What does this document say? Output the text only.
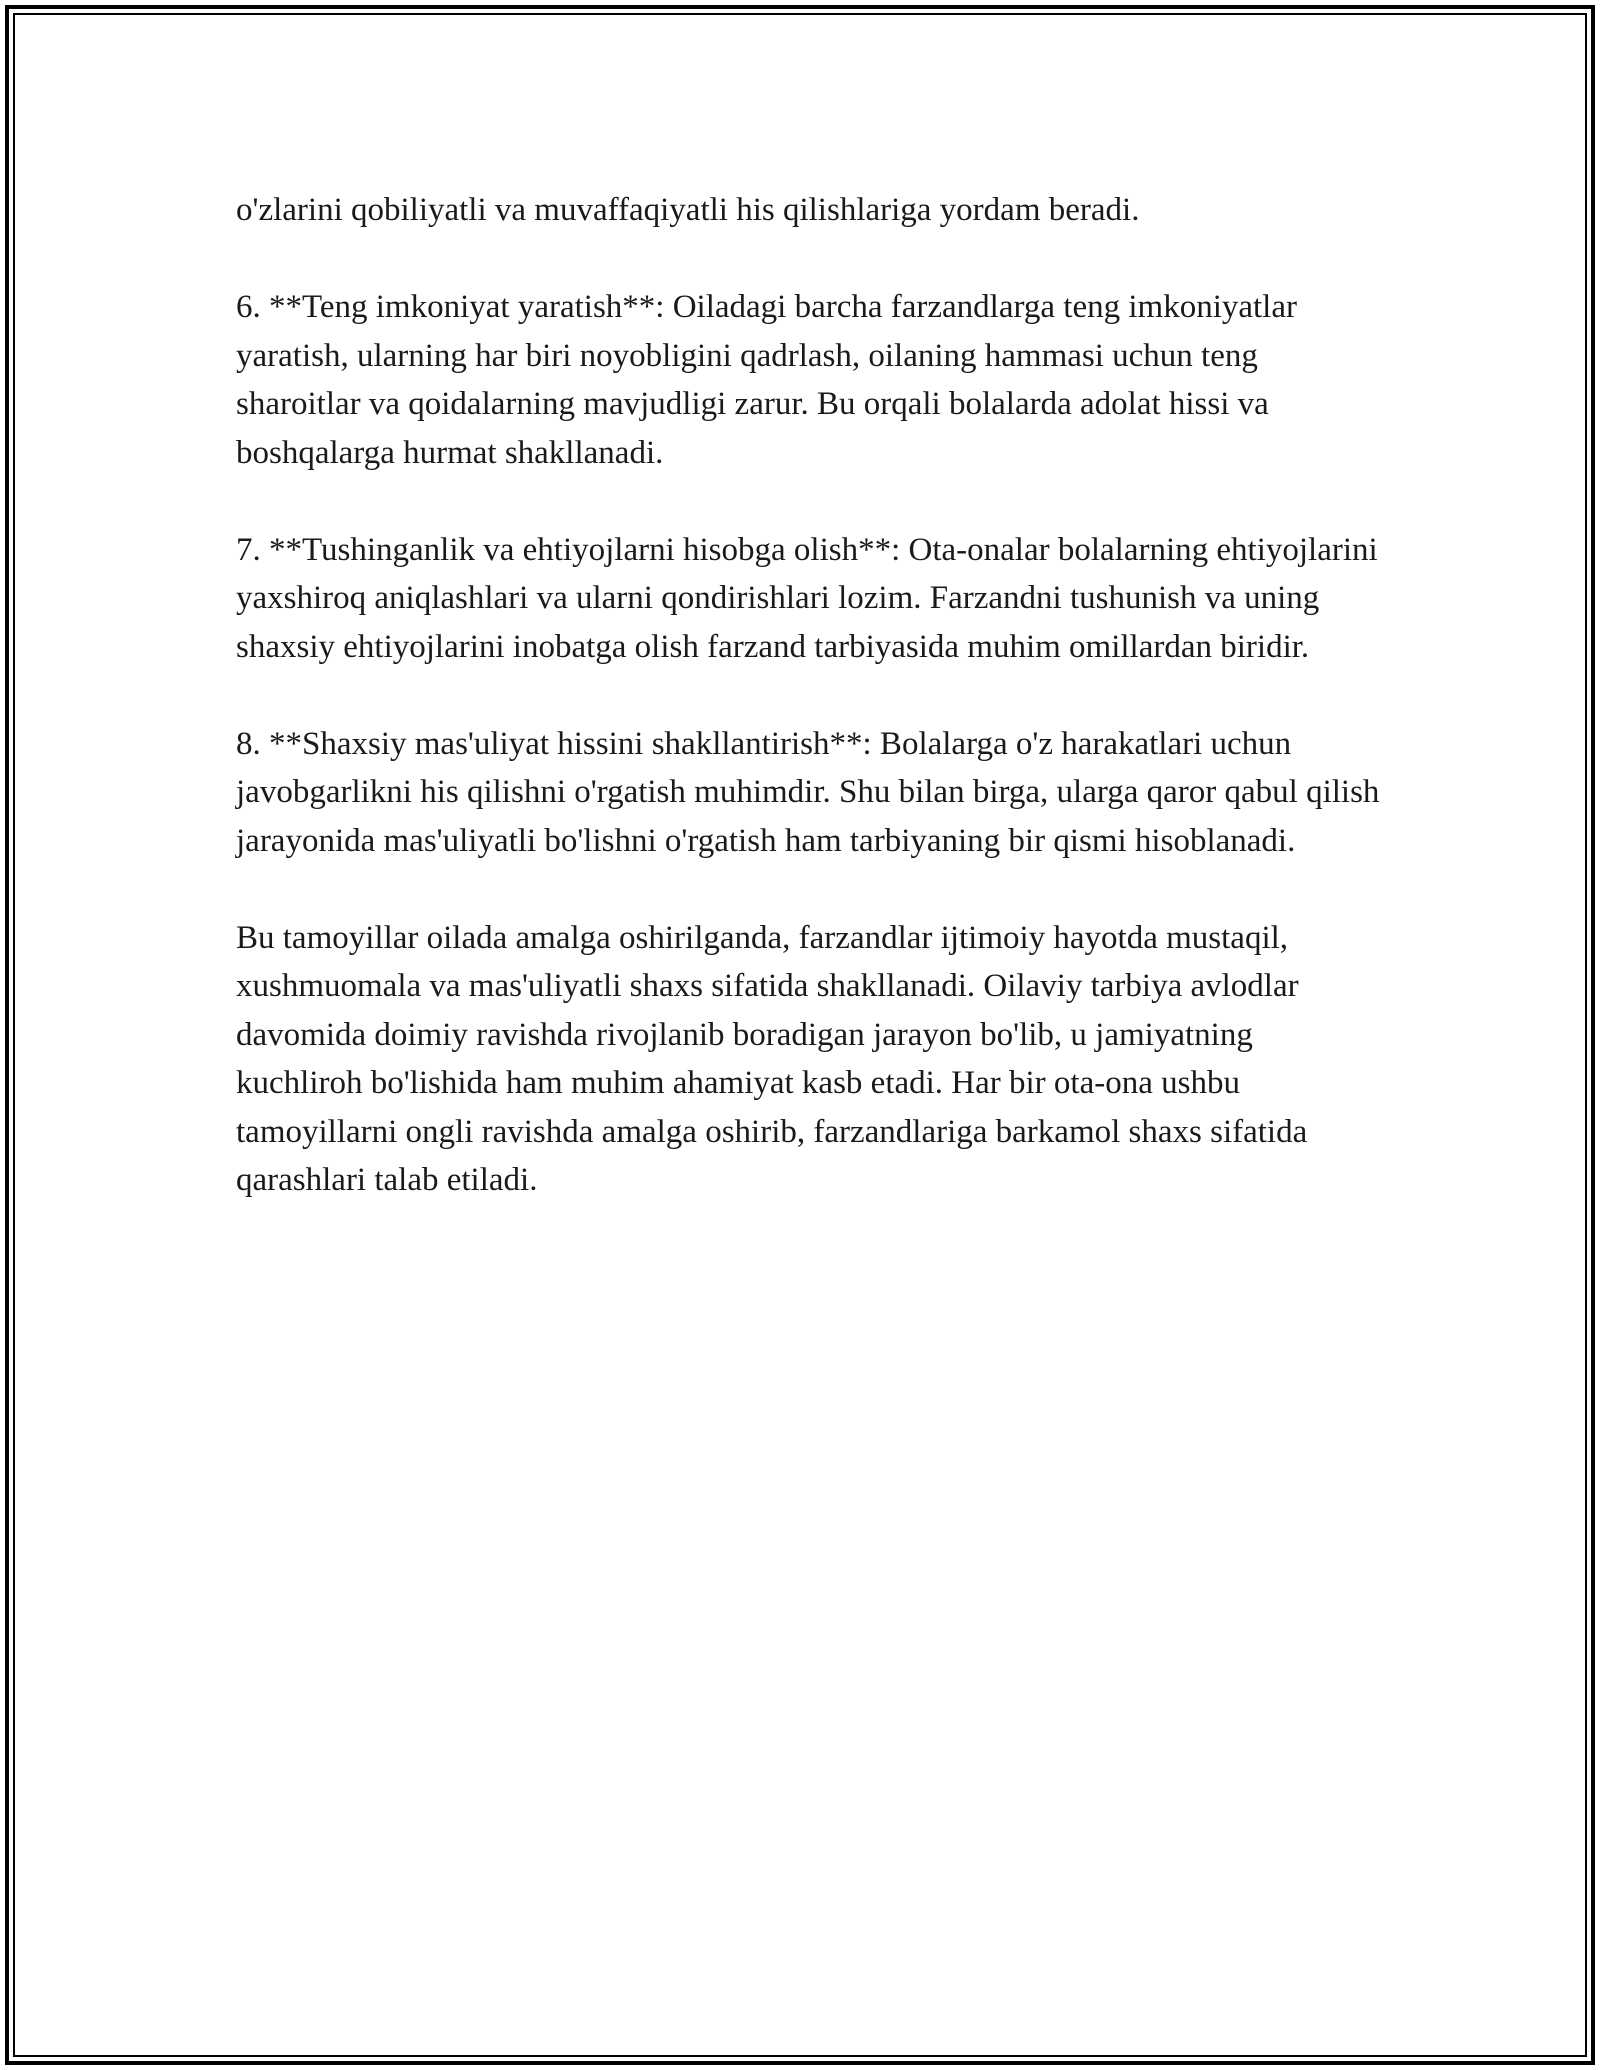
o'zlarini qobiliyatli va muvaffaqiyatli his qilishlariga yordam beradi.

6. **Teng imkoniyat yaratish**: Oiladagi barcha farzandlarga teng imkoniyatlar yaratish, ularning har biri noyobligini qadrlash, oilaning hammasi uchun teng sharoitlar va qoidalarning mavjudligi zarur. Bu orqali bolalarda adolat hissi va boshqalarga hurmat shakllanadi.

7. **Tushinganlik va ehtiyojlarni hisobga olish**: Ota-onalar bolalarning ehtiyojlarini yaxshiroq aniqlashlari va ularni qondirishlari lozim. Farzandni tushunish va uning shaxsiy ehtiyojlarini inobatga olish farzand tarbiyasida muhim omillardan biridir.

8. **Shaxsiy mas'uliyat hissini shakllantirish**: Bolalarga o'z harakatlari uchun javobgarlikni his qilishni o'rgatish muhimdir. Shu bilan birga, ularga qaror qabul qilish jarayonida mas'uliyatli bo'lishni o'rgatish ham tarbiyaning bir qismi hisoblanadi.

Bu tamoyillar oilada amalga oshirilganda, farzandlar ijtimoiy hayotda mustaqil, xushmuomala va mas'uliyatli shaxs sifatida shakllanadi. Oilaviy tarbiya avlodlar davomida doimiy ravishda rivojlanib boradigan jarayon bo'lib, u jamiyatning kuchliroh bo'lishida ham muhim ahamiyat kasb etadi. Har bir ota-ona ushbu tamoyillarni ongli ravishda amalga oshirib, farzandlariga barkamol shaxs sifatida qarashlari talab etiladi.
